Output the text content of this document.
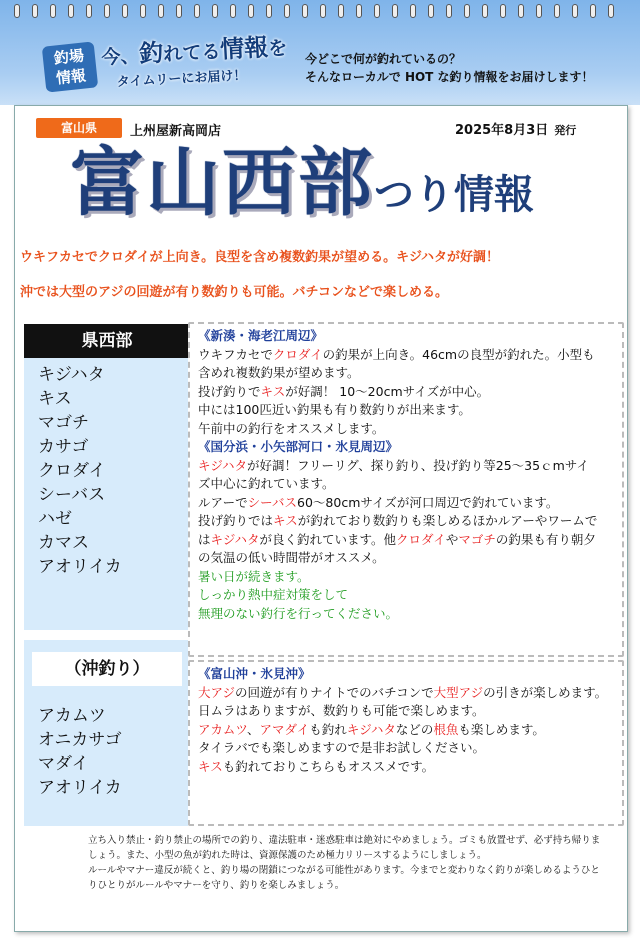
釣場
情報
今、釣れてる情報を
タイムリーにお届け！
今どこで何が釣れているの？
そんなローカルで HOT な釣り情報をお届けします！
富山県	上州屋新高岡店	2025年8月3日 発行
富山西部 つり情報
ウキフカセでクロダイが上向き。良型を含め複数釣果が望める。キジハタが好調！
沖では大型のアジの回遊が有り数釣りも可能。バチコンなどで楽しめる。
県西部
キジハタ
キス
マゴチ
カサゴ
クロダイ
シーバス
ハゼ
カマス
アオリイカ
（沖釣り）
アカムツ
オニカサゴ
マダイ
アオリイカ
《新湊・海老江周辺》
ウキフカセでクロダイの釣果が上向き。46cmの良型が釣れた。小型も
含めれ複数釣果が望めます。
投げ釣りでキスが好調！ 10～20cmサイズが中心。
中には100匹近い釣果も有り数釣りが出来ます。
午前中の釣行をオススメします。
《国分浜・小矢部河口・氷見周辺》
キジハタが好調！フリーリグ、探り釣り、投げ釣り等25～35ｃmサイ
ズ中心に釣れています。
ルアーでシーバス60～80cmサイズが河口周辺で釣れています。
投げ釣りではキスが釣れており数釣りも楽しめるほかルアーやワームで
はキジハタが良く釣れています。他クロダイやマゴチの釣果も有り朝夕
の気温の低い時間帯がオススメ。
暑い日が続きます。
しっかり熱中症対策をして
無理のない釣行を行ってください。
《富山沖・氷見沖》
大アジの回遊が有りナイトでのバチコンで大型アジの引きが楽しめます。
日ムラはありますが、数釣りも可能で楽しめます。
アカムツ、アマダイも釣れキジハタなどの根魚も楽しめます。
タイラバでも楽しめますので是非お試しください。
キスも釣れておりこちらもオススメです。
立ち入り禁止・釣り禁止の場所での釣り、違法駐車・迷惑駐車は絶対にやめましょう。ゴミも放置せず、必ず持ち帰りま
しょう。また、小型の魚が釣れた時は、資源保護のため極力リリースするようにしましょう。
ルールやマナー違反が続くと、釣り場の閉鎖につながる可能性があります。今までと変わりなく釣りが楽しめるようひと
りひとりがルールやマナーを守り、釣りを楽しみましょう。
